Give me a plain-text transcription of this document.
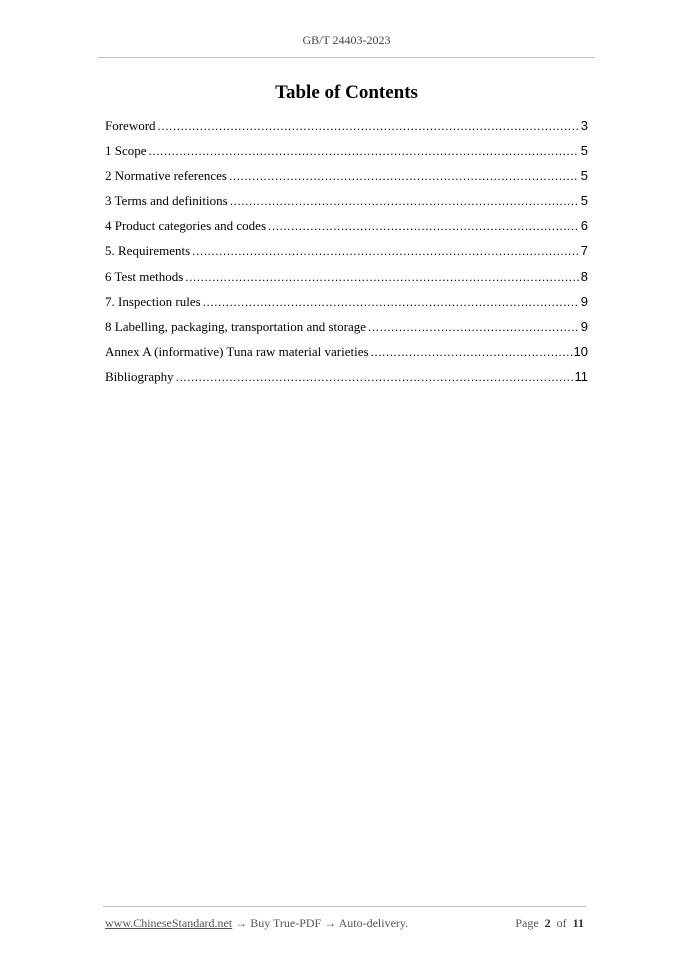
GB/T 24403-2023
Table of Contents
Foreword .....	3
1 Scope .....	5
2 Normative references .....	5
3 Terms and definitions .....	5
4 Product categories and codes .....	6
5. Requirements .....	7
6 Test methods .....	8
7. Inspection rules .....	9
8 Labelling, packaging, transportation and storage .....	9
Annex A (informative) Tuna raw material varieties .....	10
Bibliography .....	11
www.ChineseStandard.net → Buy True-PDF → Auto-delivery.	Page 2 of 11
